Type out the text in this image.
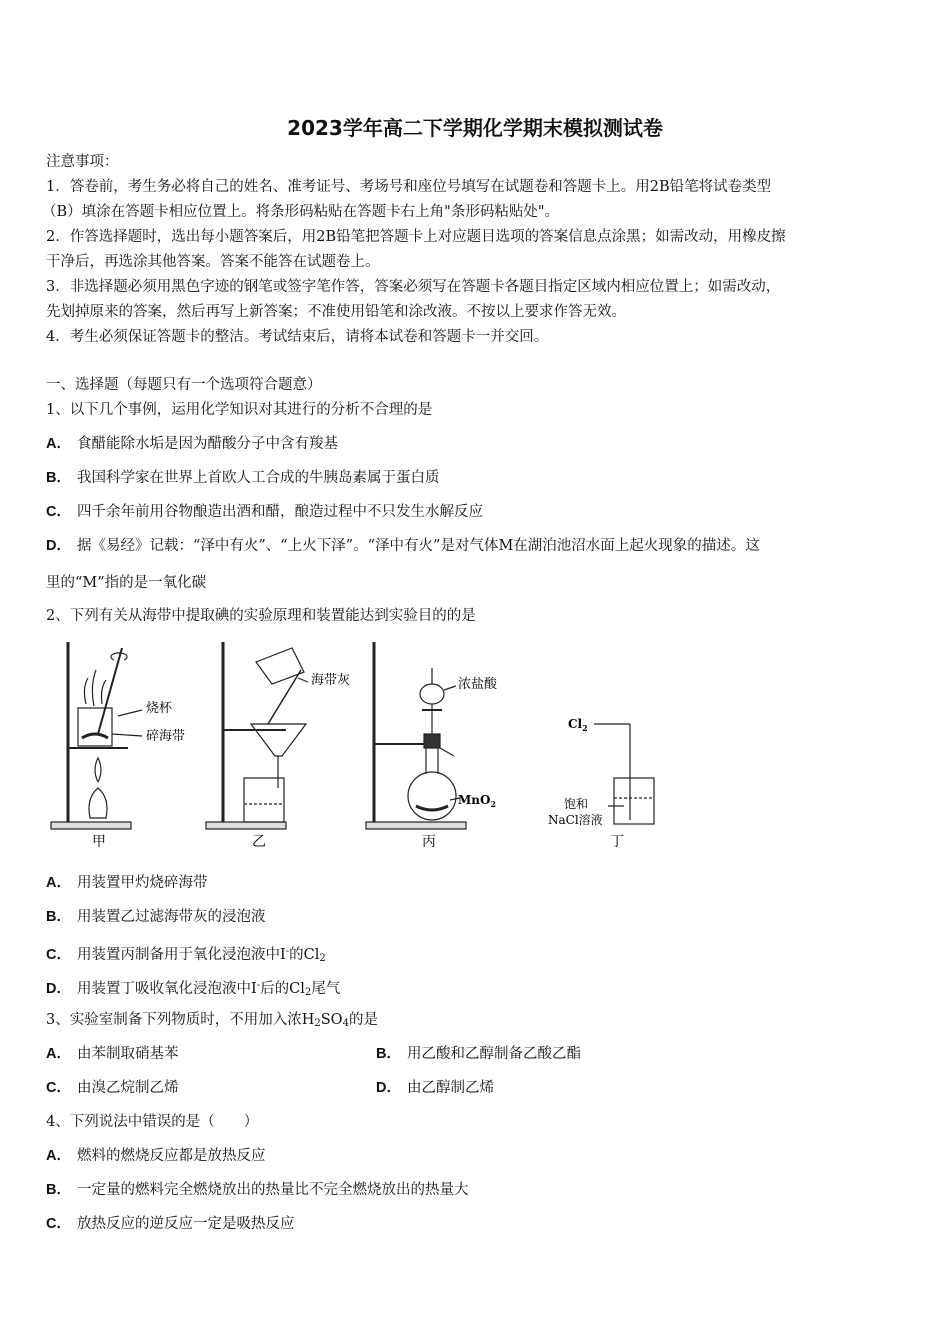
2023学年高二下学期化学期末模拟测试卷
注意事项：
1．答卷前，考生务必将自己的姓名、准考证号、考场号和座位号填写在试题卷和答题卡上。用2B铅笔将试卷类型
（B）填涂在答题卡相应位置上。将条形码粘贴在答题卡右上角"条形码粘贴处"。
2．作答选择题时，选出每小题答案后，用2B铅笔把答题卡上对应题目选项的答案信息点涂黑；如需改动，用橡皮擦
干净后，再选涂其他答案。答案不能答在试题卷上。
3．非选择题必须用黑色字迹的钢笔或签字笔作答，答案必须写在答题卡各题目指定区域内相应位置上；如需改动，
先划掉原来的答案，然后再写上新答案；不准使用铅笔和涂改液。不按以上要求作答无效。
4．考生必须保证答题卡的整洁。考试结束后，请将本试卷和答题卡一并交回。
一、选择题（每题只有一个选项符合题意）
1、以下几个事例，运用化学知识对其进行的分析不合理的是
A． 食醋能除水垢是因为醋酸分子中含有羧基
B． 我国科学家在世界上首欧人工合成的牛胰岛素属于蛋白质
C． 四千余年前用谷物酿造出酒和醋，酿造过程中不只发生水解反应
D． 据《易经》记载：“泽中有火”、“上火下泽”。“泽中有火”是对气体M在湖泊池沼水面上起火现象的描述。这
里的“M”指的是一氧化碳
2、下列有关从海带中提取碘的实验原理和装置能达到实验目的的是
烧杯
碎海带
海带灰	浓盐酸
MnO$_2$
$Cl_2$
饱和
NaCl溶液
甲	乙	丙	丁
A． 用装置甲灼烧碎海带
B． 用装置乙过滤海带灰的浸泡液
C． 用装置丙制备用于氧化浸泡液中I-的$Cl_2$
D． 用装置丁吸收氧化浸泡液中I-后的$Cl_2$尾气
3、实验室制备下列物质时，不用加入浓$H_2SO_4$的是
A． 由苯制取硝基苯	B． 用乙酸和乙醇制备乙酸乙酯
C． 由溴乙烷制乙烯	D． 由乙醇制乙烯
4、下列说法中错误的是（　　）
A． 燃料的燃烧反应都是放热反应
B． 一定量的燃料完全燃烧放出的热量比不完全燃烧放出的热量大
C． 放热反应的逆反应一定是吸热反应
